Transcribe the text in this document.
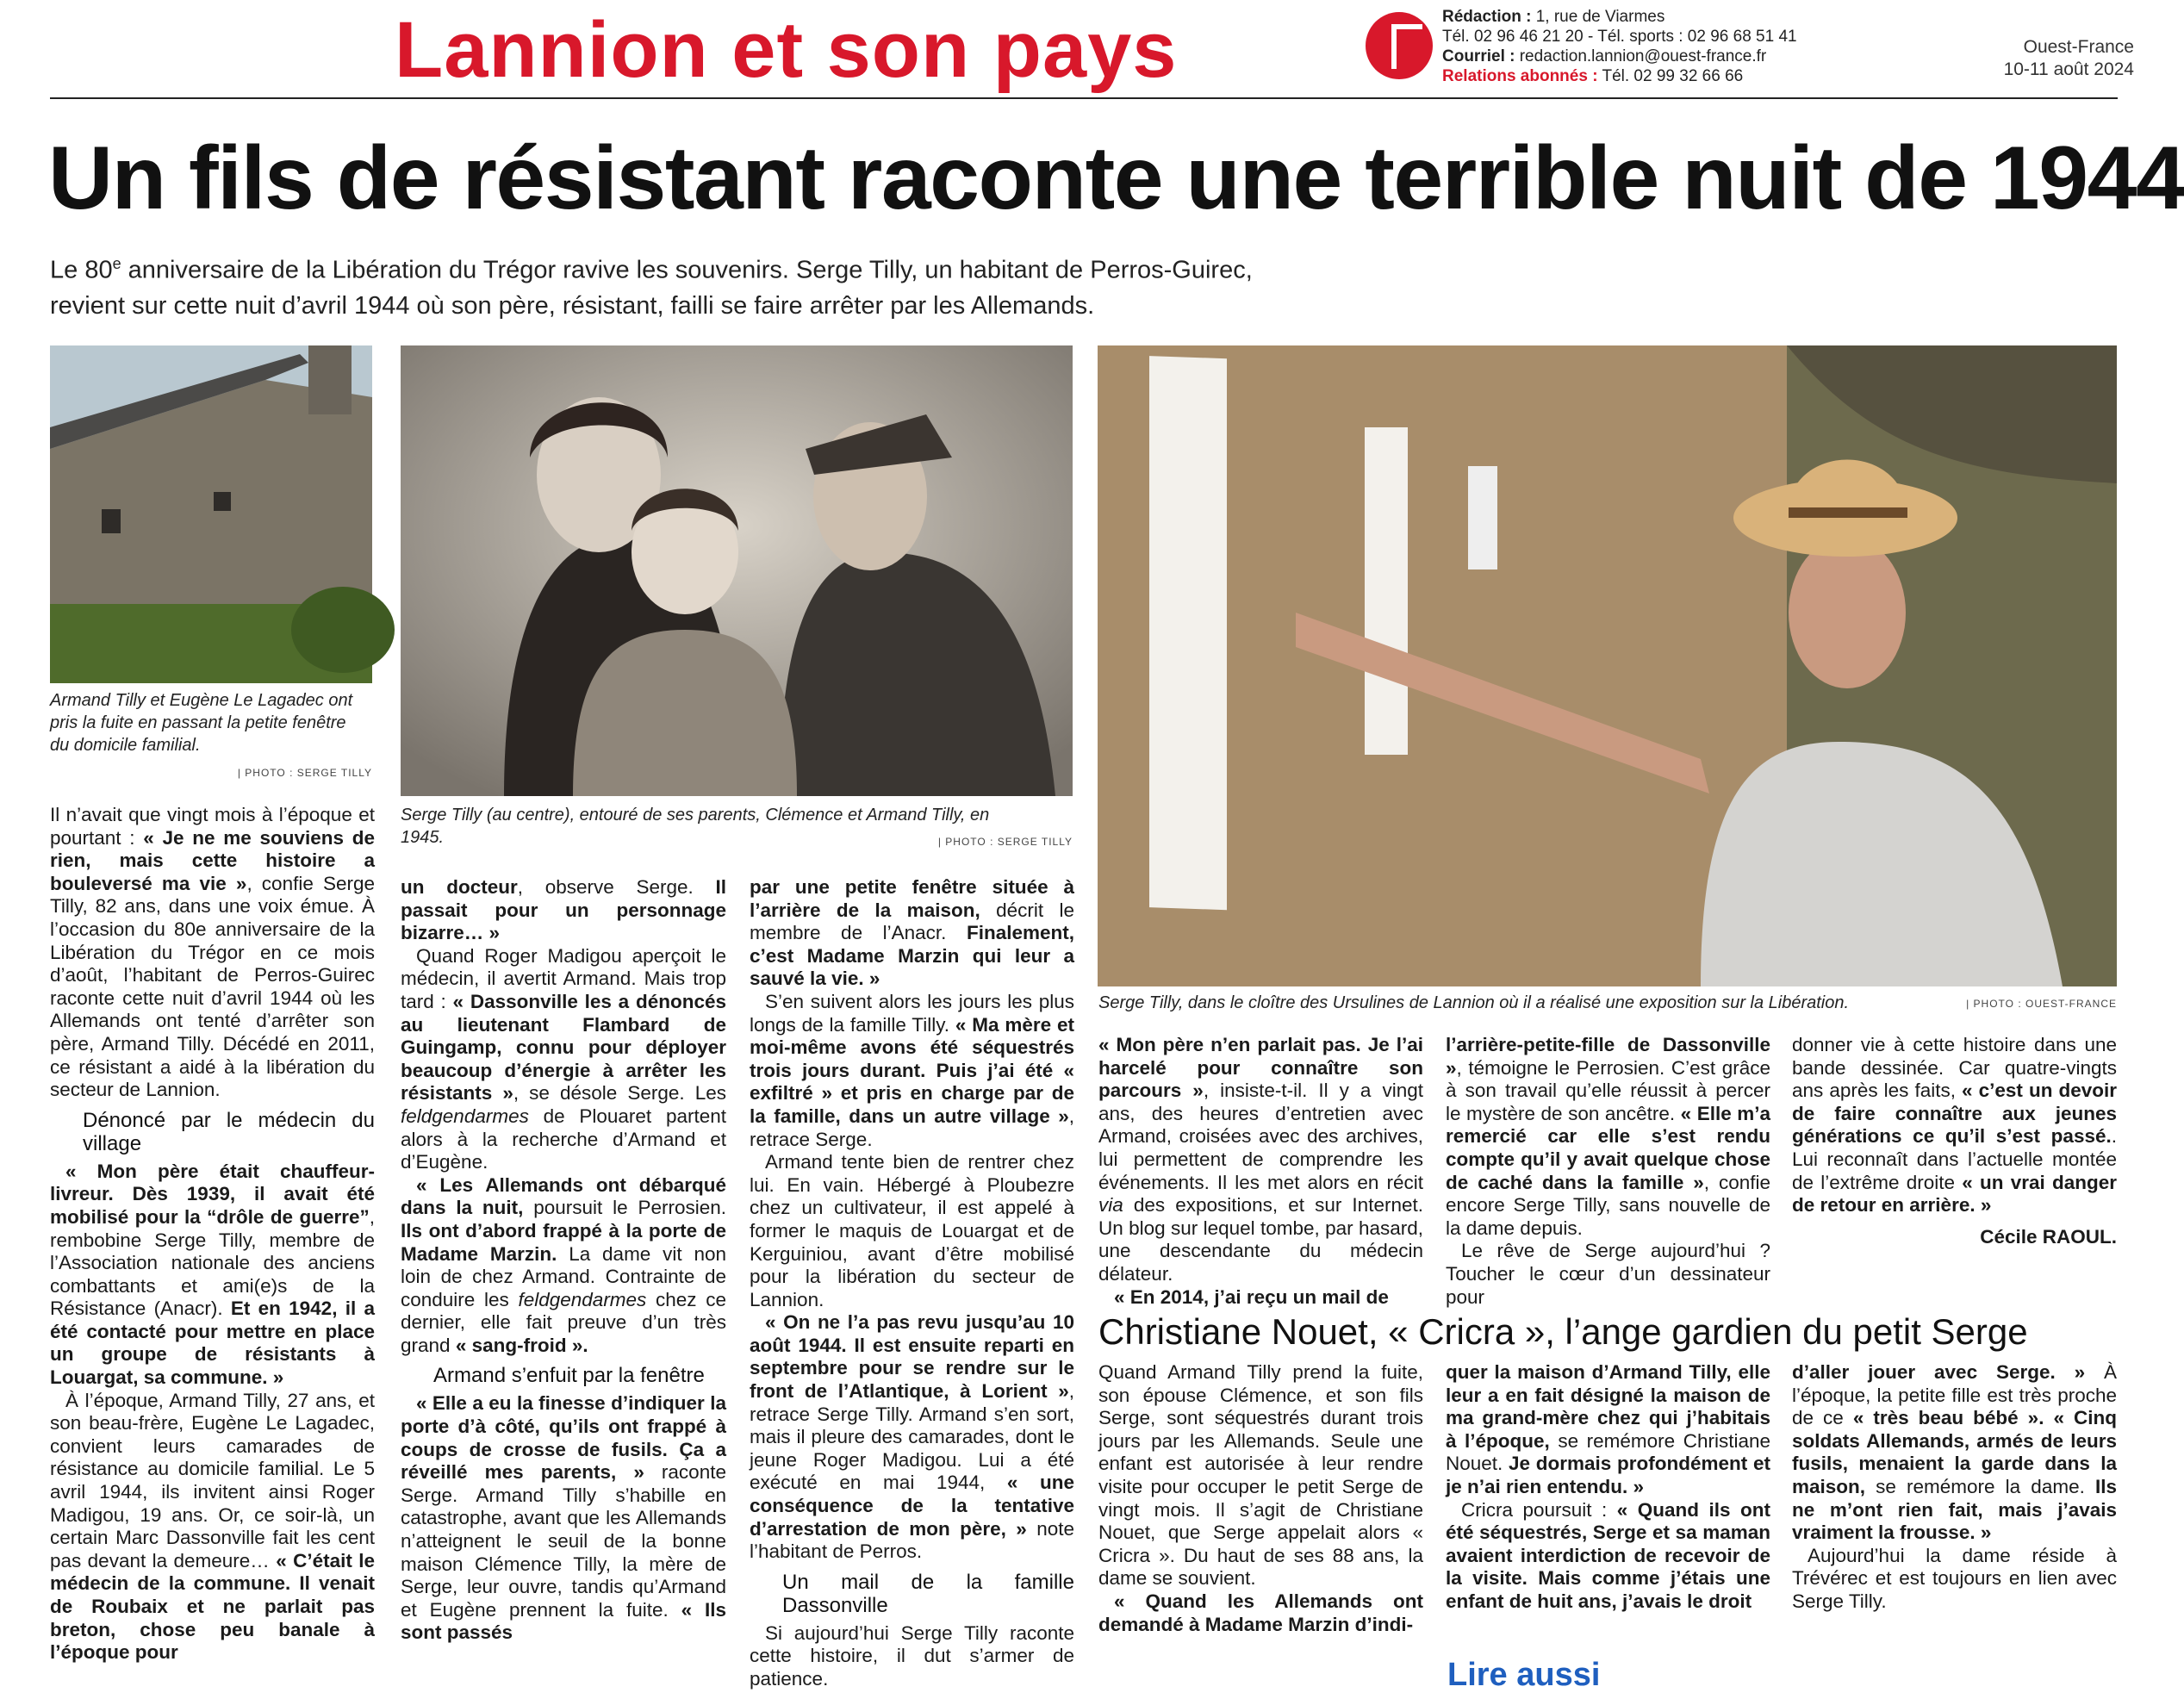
Lannion et son pays	Rédaction : 1, rue de Viarmes
Tél. 02 96 46 21 20 - Tél. sports : 02 96 68 51 41
Courriel : redaction.lannion@ouest-france.fr
Relations abonnés : Tél. 02 99 32 66 66
Ouest-France
10-11 août 2024
Un fils de résistant raconte une terrible nuit de 1944
Le 80e anniversaire de la Libération du Trégor ravive les souvenirs. Serge Tilly, un habitant de Perros-Guirec, revient sur cette nuit d’avril 1944 où son père, résistant, failli se faire arrêter par les Allemands.
Armand Tilly et Eugène Le Lagadec ont pris la fuite en passant la petite fenêtre du domicile familial.
| PHOTO : SERGE TILLY
Serge Tilly (au centre), entouré de ses parents, Clémence et Armand Tilly, en 1945.	| PHOTO : SERGE TILLY
Serge Tilly, dans le cloître des Ursulines de Lannion où il a réalisé une exposition sur la Libération.	| PHOTO : OUEST-FRANCE

Il n’avait que vingt mois à l’époque et pourtant : « Je ne me souviens de rien, mais cette histoire a bouleversé ma vie », confie Serge Tilly, 82 ans, dans une voix émue. À l’occasion du 80e anniversaire de la Libération du Trégor en ce mois d’août, l’habitant de Perros-Guirec raconte cette nuit d’avril 1944 où les Allemands ont tenté d’arrêter son père, Armand Tilly. Décédé en 2011, ce résistant a aidé à la libération du secteur de Lannion.

Dénoncé par le médecin du village

« Mon père était chauffeur-livreur. Dès 1939, il avait été mobilisé pour la “drôle de guerre”, rembobine Serge Tilly, membre de l’Association nationale des anciens combattants et ami(e)s de la Résistance (Anacr). Et en 1942, il a été contacté pour mettre en place un groupe de résistants à Louargat, sa commune. »

À l’époque, Armand Tilly, 27 ans, et son beau-frère, Eugène Le Lagadec, convient leurs camarades de résistance au domicile familial. Le 5 avril 1944, ils invitent ainsi Roger Madigou, 19 ans. Or, ce soir-là, un certain Marc Dassonville fait les cent pas devant la demeure… « C’était le médecin de la commune. Il venait de Roubaix et ne parlait pas breton, chose peu banale à l’époque pour

un docteur, observe Serge. Il passait pour un personnage bizarre… »

Quand Roger Madigou aperçoit le médecin, il avertit Armand. Mais trop tard : « Dassonville les a dénoncés au lieutenant Flambard de Guingamp, connu pour déployer beaucoup d’énergie à arrêter les résistants », se désole Serge. Les feldgendarmes de Plouaret partent alors à la recherche d’Armand et d’Eugène.

« Les Allemands ont débarqué dans la nuit, poursuit le Perrosien. Ils ont d’abord frappé à la porte de Madame Marzin. La dame vit non loin de chez Armand. Contrainte de conduire les feldgendarmes chez ce dernier, elle fait preuve d’un très grand « sang-froid ».

Armand s’enfuit par la fenêtre

« Elle a eu la finesse d’indiquer la porte d’à côté, qu’ils ont frappé à coups de crosse de fusils. Ça a réveillé mes parents, » raconte Serge. Armand Tilly s’habille en catastrophe, avant que les Allemands n’atteignent le seuil de la bonne maison Clémence Tilly, la mère de Serge, leur ouvre, tandis qu’Armand et Eugène prennent la fuite. « Ils sont passés

par une petite fenêtre située à l’arrière de la maison, décrit le membre de l’Anacr. Finalement, c’est Madame Marzin qui leur a sauvé la vie. »

S’en suivent alors les jours les plus longs de la famille Tilly. « Ma mère et moi-même avons été séquestrés trois jours durant. Puis j’ai été « exfiltré » et pris en charge par de la famille, dans un autre village », retrace Serge.

Armand tente bien de rentrer chez lui. En vain. Hébergé à Ploubezre chez un cultivateur, il est appelé à former le maquis de Louargat et de Kerguiniou, avant d’être mobilisé pour la libération du secteur de Lannion.

« On ne l’a pas revu jusqu’au 10 août 1944. Il est ensuite reparti en septembre pour se rendre sur le front de l’Atlantique, à Lorient », retrace Serge Tilly. Armand s’en sort, mais il pleure des camarades, dont le jeune Roger Madigou. Lui a été exécuté en mai 1944, « une conséquence de la tentative d’arrestation de mon père, » note l’habitant de Perros.

Un mail de la famille Dassonville

Si aujourd’hui Serge Tilly raconte cette histoire, il dut s’armer de patience.

« Mon père n’en parlait pas. Je l’ai harcelé pour connaître son parcours », insiste-t-il. Il y a vingt ans, des heures d’entretien avec Armand, croisées avec des archives, lui permettent de comprendre les événements. Il les met alors en récit via des expositions, et sur Internet. Un blog sur lequel tombe, par hasard, une descendante du médecin délateur.

« En 2014, j’ai reçu un mail de

l’arrière-petite-fille de Dassonville », témoigne le Perrosien. C’est grâce à son travail qu’elle réussit à percer le mystère de son ancêtre. « Elle m’a remercié car elle s’est rendu compte qu’il y avait quelque chose de caché dans la famille », confie encore Serge Tilly, sans nouvelle de la dame depuis.

Le rêve de Serge aujourd’hui ? Toucher le cœur d’un dessinateur pour

donner vie à cette histoire dans une bande dessinée. Car quatre-vingts ans après les faits, « c’est un devoir de faire connaître aux jeunes générations ce qu’il s’est passé.. Lui reconnaît dans l’actuelle montée de l’extrême droite « un vrai danger de retour en arrière. »

Cécile RAOUL.
Christiane Nouet, « Cricra », l’ange gardien du petit Serge

Quand Armand Tilly prend la fuite, son épouse Clémence, et son fils Serge, sont séquestrés durant trois jours par les Allemands. Seule une enfant est autorisée à leur rendre visite pour occuper le petit Serge de vingt mois. Il s’agit de Christiane Nouet, que Serge appelait alors « Cricra ». Du haut de ses 88 ans, la dame se souvient.

« Quand les Allemands ont demandé à Madame Marzin d’indi-

quer la maison d’Armand Tilly, elle leur a en fait désigné la maison de ma grand-mère chez qui j’habitais à l’époque, se remémore Christiane Nouet. Je dormais profondément et je n’ai rien entendu. »

Cricra poursuit : « Quand ils ont été séquestrés, Serge et sa maman avaient interdiction de recevoir de la visite. Mais comme j’étais une enfant de huit ans, j’avais le droit

d’aller jouer avec Serge. » À l’époque, la petite fille est très proche de ce « très beau bébé ». « Cinq soldats Allemands, armés de leurs fusils, menaient la garde dans la maison, se remémore la dame. Ils ne m’ont rien fait, mais j’avais vraiment la frousse. »

Aujourd’hui la dame réside à Trévérec et est toujours en lien avec Serge Tilly.

Lire aussi
